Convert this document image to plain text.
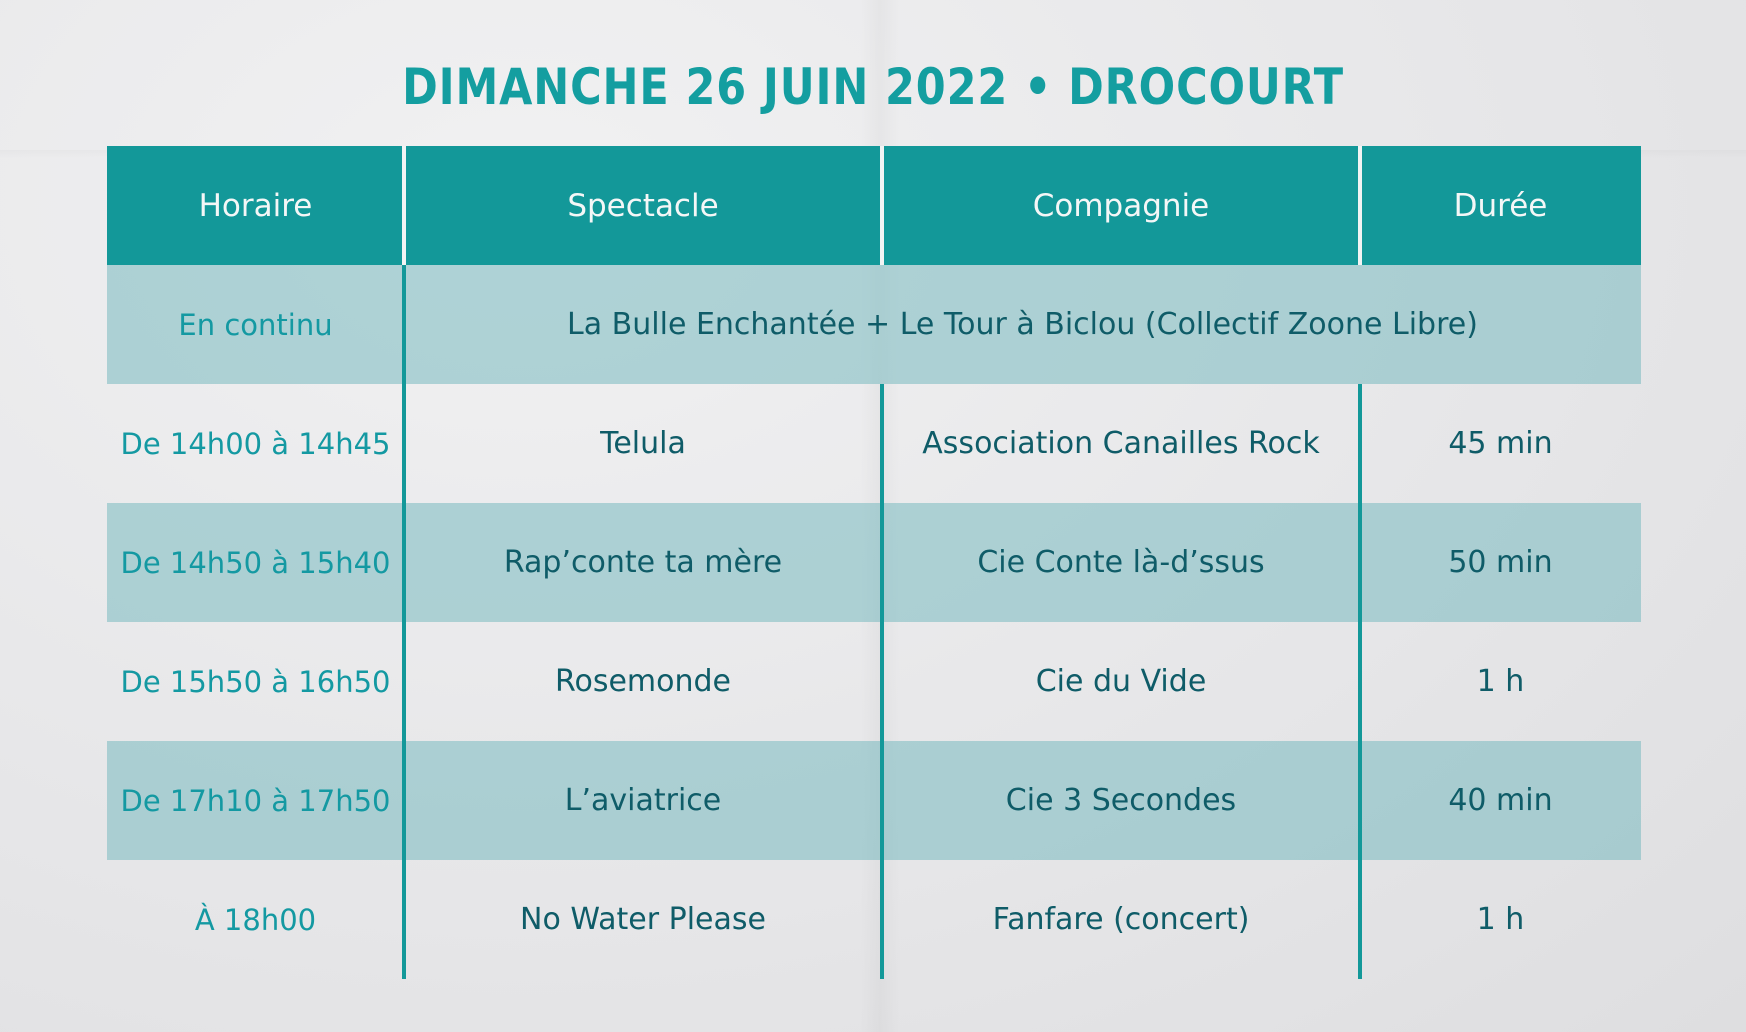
DIMANCHE 26 JUIN 2022 • DROCOURT
Horaire	Spectacle	Compagnie	Durée
En continu	La Bulle Enchantée + Le Tour à Biclou (Collectif Zoone Libre)
De 14h00 à 14h45	Telula	Association Canailles Rock	45 min
De 14h50 à 15h40	Rap’conte ta mère	Cie Conte là-d’ssus	50 min
De 15h50 à 16h50	Rosemonde	Cie du Vide	1 h
De 17h10 à 17h50	L’aviatrice	Cie 3 Secondes	40 min
À 18h00	No Water Please	Fanfare (concert)	1 h
